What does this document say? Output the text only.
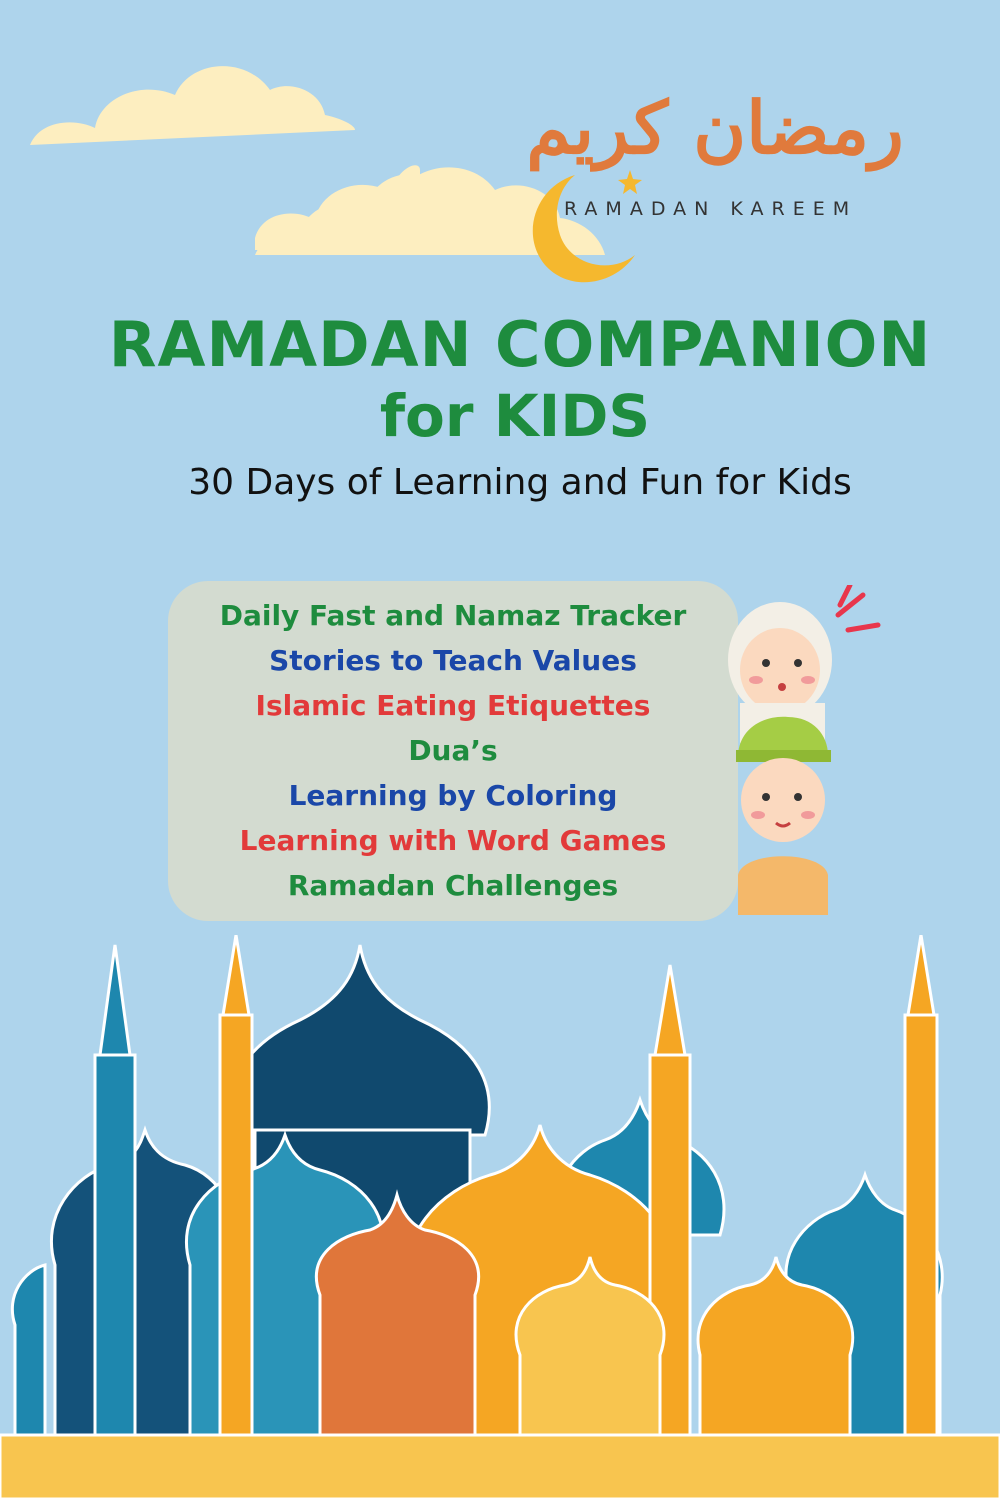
رمضان كريم
RAMADAN KAREEM
RAMADAN COMPANION
for KIDS
30 Days of Learning and Fun for Kids
Daily Fast and Namaz Tracker
Stories to Teach Values
Islamic Eating Etiquettes
Dua’s
Learning by Coloring
Learning with Word Games
Ramadan Challenges
